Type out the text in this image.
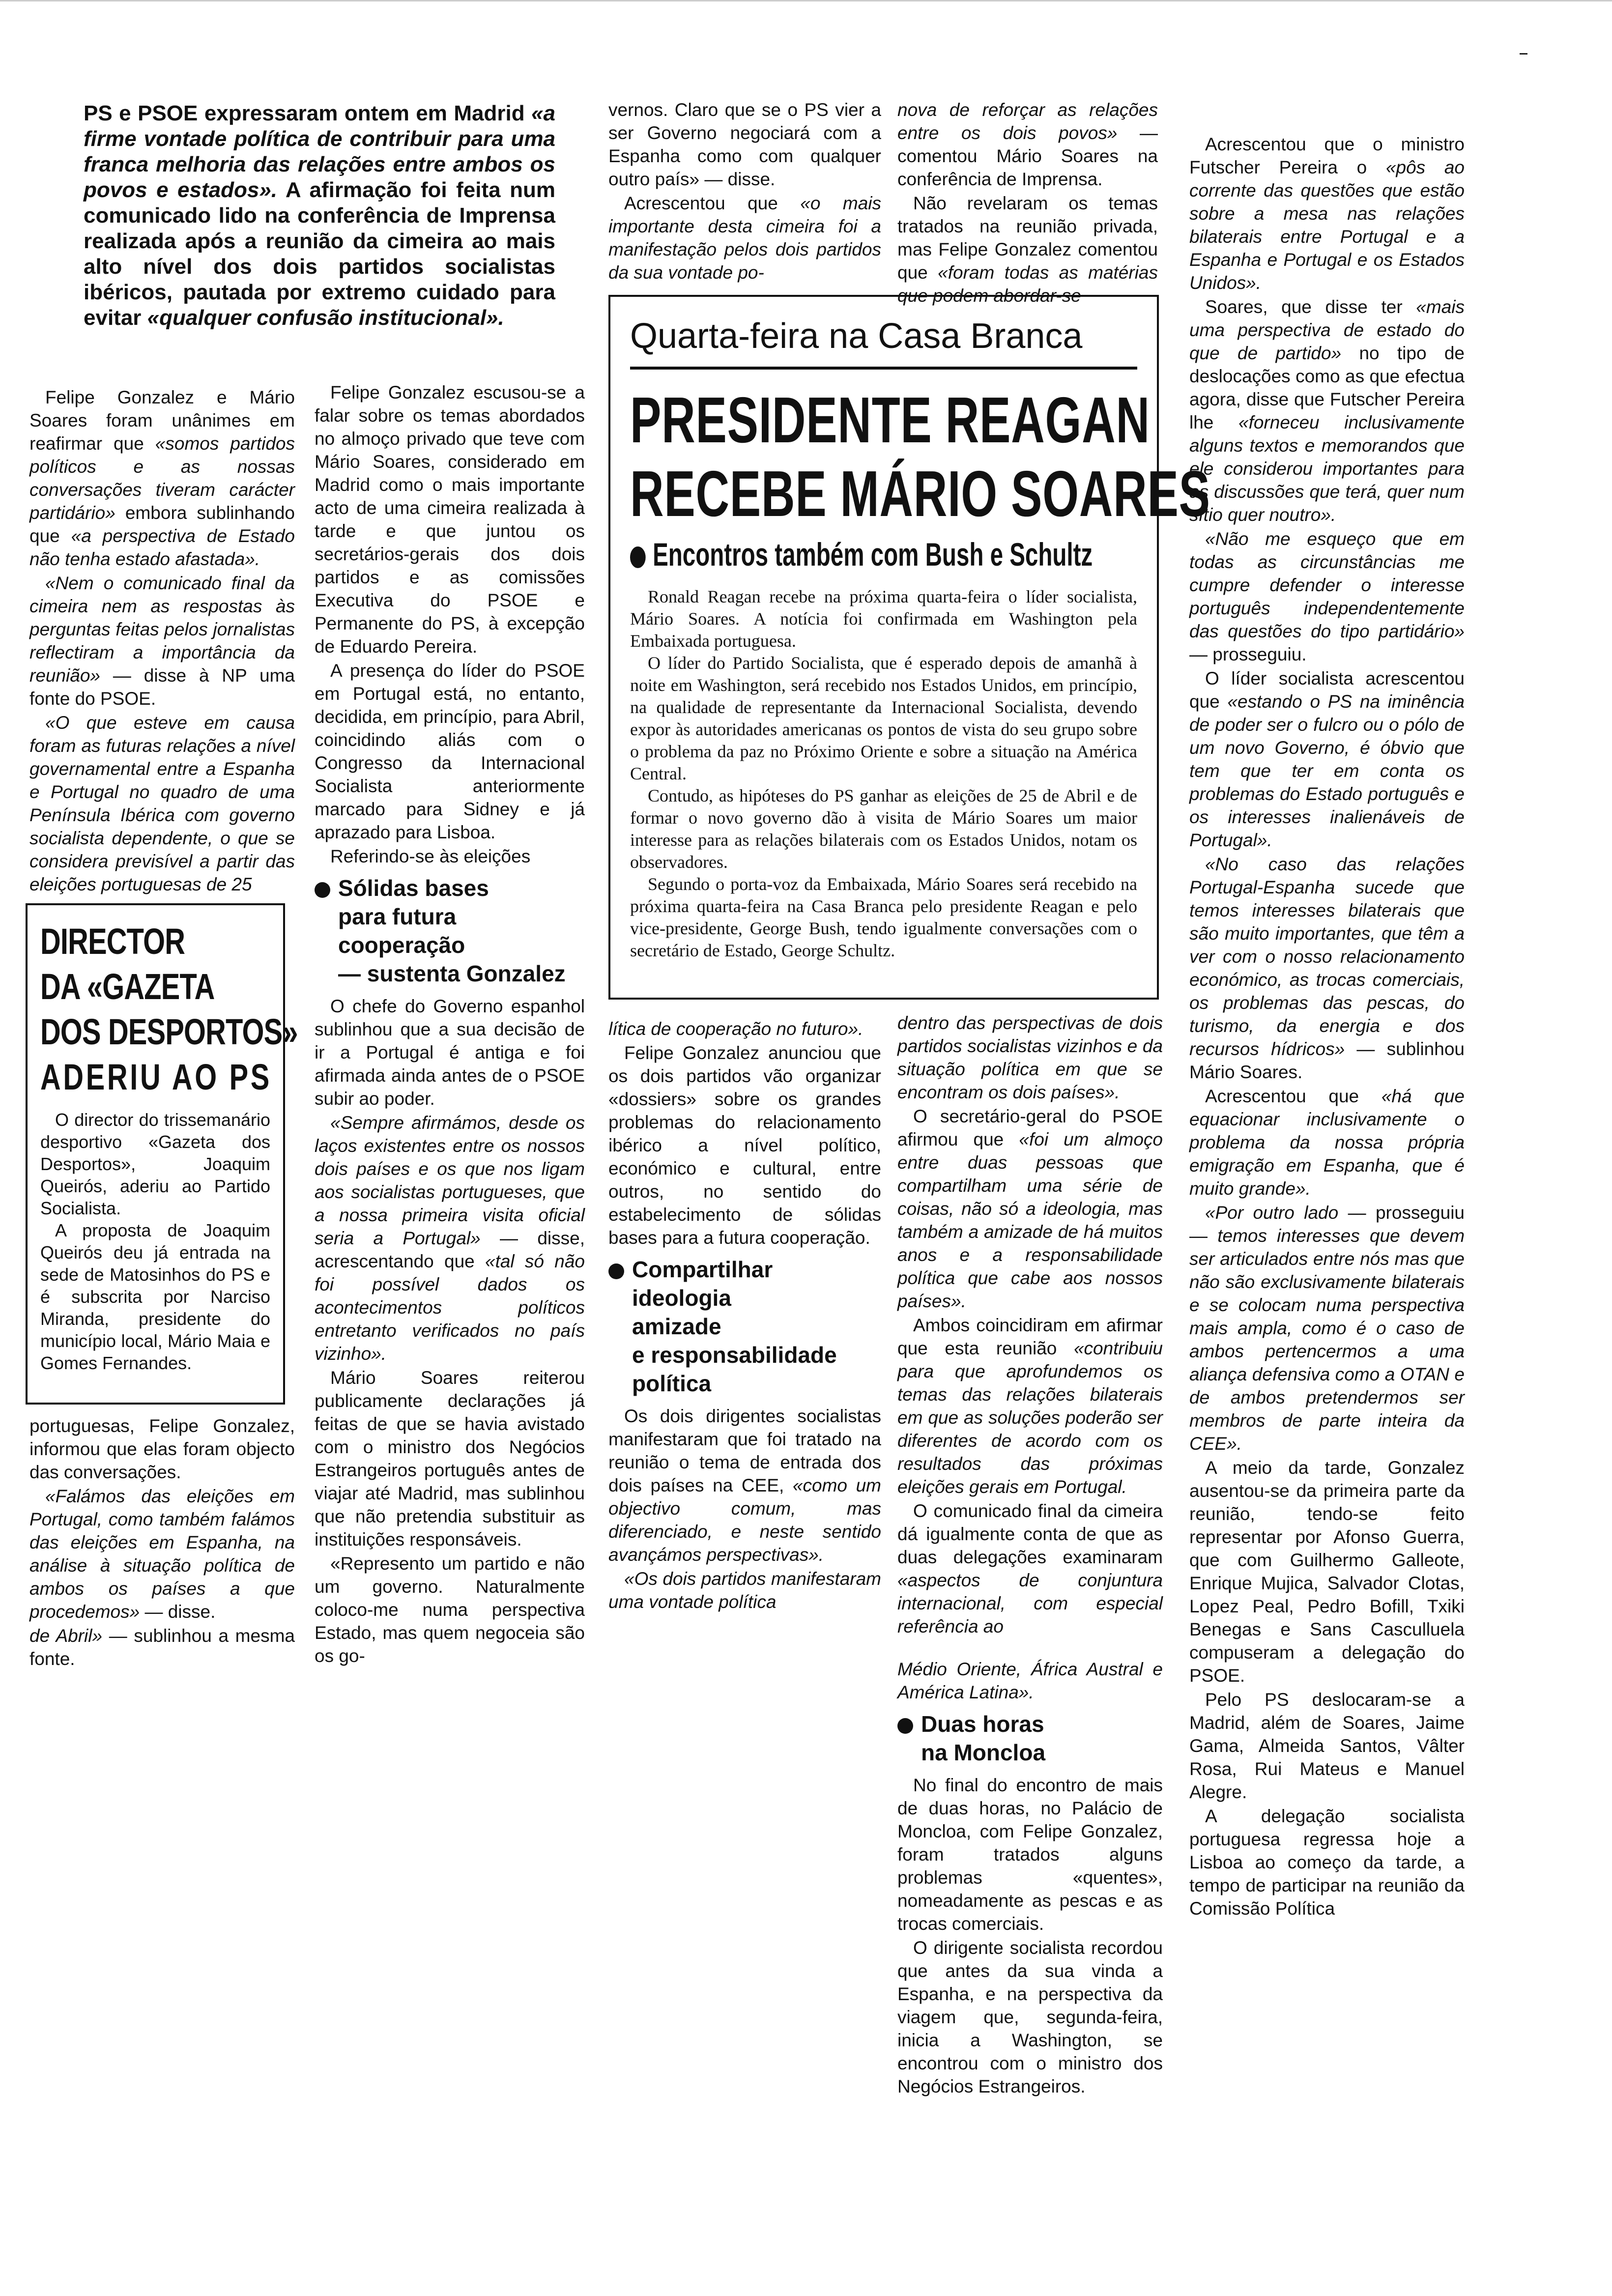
PS e PSOE expressaram ontem em Madrid «a firme vontade política de contribuir para uma franca melhoria das relações entre ambos os povos e estados». A afirmação foi feita num comunicado lido na conferência de Imprensa realizada após a reunião da cimeira ao mais alto nível dos dois partidos socialistas ibéricos, pautada por extremo cuidado para evitar «qualquer confusão institucional».

Felipe Gonzalez e Mário Soares foram unânimes em reafirmar que «somos partidos políticos e as nossas conversações tiveram carácter partidário» embora sublinhando que «a perspectiva de Estado não tenha estado afastada».

«Nem o comunicado final da cimeira nem as respostas às perguntas feitas pelos jornalistas reflectiram a importância da reunião» — disse à NP uma fonte do PSOE.

«O que esteve em causa foram as futuras relações a nível governamental entre a Espanha e Portugal no quadro de uma Península Ibérica com governo socialista dependente, o que se considera previsível a partir das eleições portuguesas de 25

DIRECTOR
DA «GAZETA
DOS DESPORTOS»
ADERIU AO PS
O director do trissemanário desportivo «Gazeta dos Desportos», Joaquim Queirós, aderiu ao Partido Socialista.
A proposta de Joaquim Queirós deu já entrada na sede de Matosinhos do PS e é subscrita por Narciso Miranda, presidente do município local, Mário Maia e Gomes Fernandes.

portuguesas, Felipe Gonzalez, informou que elas foram objecto das conversações.

«Falámos das eleições em Portugal, como também falámos das eleições em Espanha, na análise à situação política de ambos os países a que procedemos» — disse.

de Abril» — sublinhou a mesma fonte.

Felipe Gonzalez escusou-se a falar sobre os temas abordados no almoço privado que teve com Mário Soares, considerado em Madrid como o mais importante acto de uma cimeira realizada à tarde e que juntou os secretários-gerais dos dois partidos e as comissões Executiva do PSOE e Permanente do PS, à excepção de Eduardo Pereira.

A presença do líder do PSOE em Portugal está, no entanto, decidida, em princípio, para Abril, coincidindo aliás com o Congresso da Internacional Socialista anteriormente marcado para Sidney e já aprazado para Lisboa.

Referindo-se às eleições

Sólidas bases
para futura
cooperação
— sustenta Gonzalez

O chefe do Governo espanhol sublinhou que a sua decisão de ir a Portugal é antiga e foi afirmada ainda antes de o PSOE subir ao poder.

«Sempre afirmámos, desde os laços existentes entre os nossos dois países e os que nos ligam aos socialistas portugueses, que a nossa primeira visita oficial seria a Portugal» — disse, acrescentando que «tal só não foi possível dados os acontecimentos políticos entretanto verificados no país vizinho».

Mário Soares reiterou publicamente declarações já feitas de que se havia avistado com o ministro dos Negócios Estrangeiros português antes de viajar até Madrid, mas sublinhou que não pretendia substituir as instituições responsáveis.

«Represento um partido e não um governo. Naturalmente coloco-me numa perspectiva Estado, mas quem negoceia são os go-

vernos. Claro que se o PS vier a ser Governo negociará com a Espanha como com qualquer outro país» — disse.

Acrescentou que «o mais importante desta cimeira foi a manifestação pelos dois partidos da sua vontade po-

nova de reforçar as relações entre os dois povos» — comentou Mário Soares na conferência de Imprensa.

Não revelaram os temas tratados na reunião privada, mas Felipe Gonzalez comentou que «foram todas as matérias que podem abordar-se

Quarta-feira na Casa Branca
PRESIDENTE REAGAN
RECEBE MÁRIO SOARES
Encontros também com Bush e Schultz

Ronald Reagan recebe na próxima quarta-feira o líder socialista, Mário Soares. A notícia foi confirmada em Washington pela Embaixada portuguesa.

O líder do Partido Socialista, que é esperado depois de amanhã à noite em Washington, será recebido nos Estados Unidos, em princípio, na qualidade de representante da Internacional Socialista, devendo expor às autoridades americanas os pontos de vista do seu grupo sobre o problema da paz no Próximo Oriente e sobre a situação na América Central.

Contudo, as hipóteses do PS ganhar as eleições de 25 de Abril e de formar o novo governo dão à visita de Mário Soares um maior interesse para as relações bilaterais com os Estados Unidos, notam os observadores.

Segundo o porta-voz da Embaixada, Mário Soares será recebido na próxima quarta-feira na Casa Branca pelo presidente Reagan e pelo vice-presidente, George Bush, tendo igualmente conversações com o secretário de Estado, George Schultz.

lítica de cooperação no futuro».

Felipe Gonzalez anunciou que os dois partidos vão organizar «dossiers» sobre os grandes problemas do relacionamento ibérico a nível político, económico e cultural, entre outros, no sentido do estabelecimento de sólidas bases para a futura cooperação.

Compartilhar
ideologia
amizade
e responsabilidade
política

Os dois dirigentes socialistas manifestaram que foi tratado na reunião o tema de entrada dos dois países na CEE, «como um objectivo comum, mas diferenciado, e neste sentido avançámos perspectivas».

«Os dois partidos manifestaram uma vontade política

dentro das perspectivas de dois partidos socialistas vizinhos e da situação política em que se encontram os dois países».

O secretário-geral do PSOE afirmou que «foi um almoço entre duas pessoas que compartilham uma série de coisas, não só a ideologia, mas também a amizade de há muitos anos e a responsabilidade política que cabe aos nossos países».

Ambos coincidiram em afirmar que esta reunião «contribuiu para que aprofundemos os temas das relações bilaterais em que as soluções poderão ser diferentes de acordo com os resultados das próximas eleições gerais em Portugal.

O comunicado final da cimeira dá igualmente conta de que as duas delegações examinaram «aspectos de conjuntura internacional, com especial referência ao

Médio Oriente, África Austral e América Latina».

Duas horas
na Moncloa

No final do encontro de mais de duas horas, no Palácio de Moncloa, com Felipe Gonzalez, foram tratados alguns problemas «quentes», nomeadamente as pescas e as trocas comerciais.

O dirigente socialista recordou que antes da sua vinda a Espanha, e na perspectiva da viagem que, segunda-feira, inicia a Washington, se encontrou com o ministro dos Negócios Estrangeiros.

Acrescentou que o ministro Futscher Pereira o «pôs ao corrente das questões que estão sobre a mesa nas relações bilaterais entre Portugal e a Espanha e Portugal e os Estados Unidos».

Soares, que disse ter «mais uma perspectiva de estado do que de partido» no tipo de deslocações como as que efectua agora, disse que Futscher Pereira lhe «forneceu inclusivamente alguns textos e memorandos que ele considerou importantes para as discussões que terá, quer num sítio quer noutro».

«Não me esqueço que em todas as circunstâncias me cumpre defender o interesse português independentemente das questões do tipo partidário» — prosseguiu.

O líder socialista acrescentou que «estando o PS na iminência de poder ser o fulcro ou o pólo de um novo Governo, é óbvio que tem que ter em conta os problemas do Estado português e os interesses inalienáveis de Portugal».

«No caso das relações Portugal-Espanha sucede que temos interesses bilaterais que são muito importantes, que têm a ver com o nosso relacionamento económico, as trocas comerciais, os problemas das pescas, do turismo, da energia e dos recursos hídricos» — sublinhou Mário Soares.

Acrescentou que «há que equacionar inclusivamente o problema da nossa própria emigração em Espanha, que é muito grande».

«Por outro lado — prosseguiu — temos interesses que devem ser articulados entre nós mas que não são exclusivamente bilaterais e se colocam numa perspectiva mais ampla, como é o caso de ambos pertencermos a uma aliança defensiva como a OTAN e de ambos pretendermos ser membros de parte inteira da CEE».

A meio da tarde, Gonzalez ausentou-se da primeira parte da reunião, tendo-se feito representar por Afonso Guerra, que com Guilhermo Galleote, Enrique Mujica, Salvador Clotas, Lopez Peal, Pedro Bofill, Txiki Benegas e Sans Casculluela compuseram a delegação do PSOE.

Pelo PS deslocaram-se a Madrid, além de Soares, Jaime Gama, Almeida Santos, Vâlter Rosa, Rui Mateus e Manuel Alegre.

A delegação socialista portuguesa regressa hoje a Lisboa ao começo da tarde, a tempo de participar na reunião da Comissão Política
